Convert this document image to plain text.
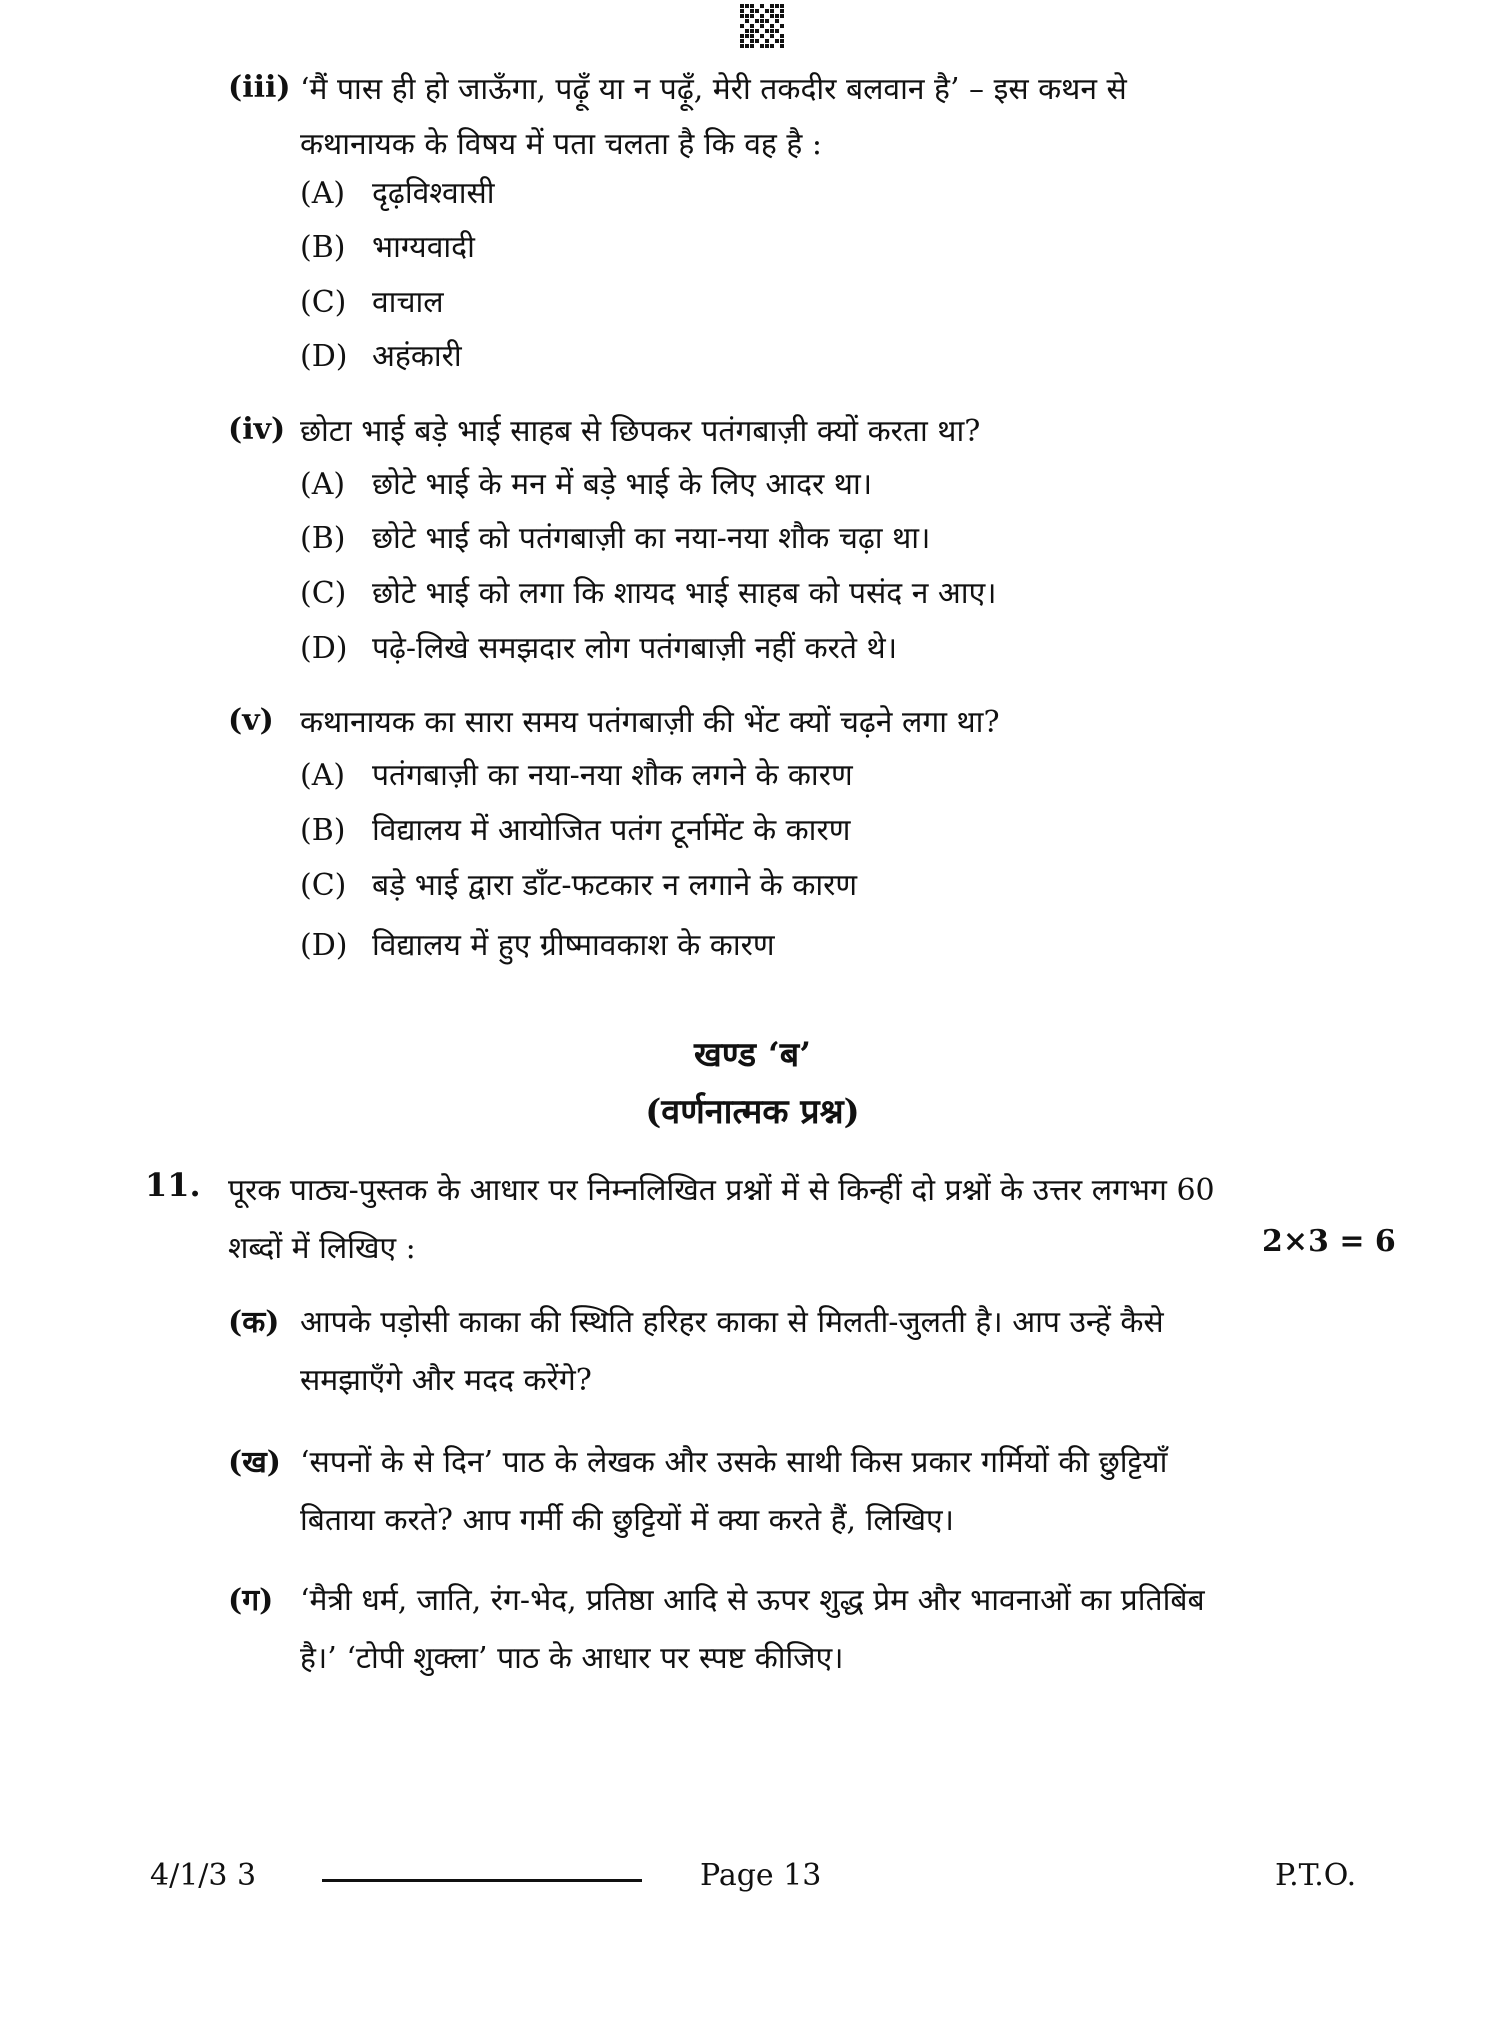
(iii) ‘मैं पास ही हो जाऊँगा, पढ़ूँ या न पढ़ूँ, मेरी तकदीर बलवान है’ – इस कथन से कथानायक के विषय में पता चलता है कि वह है :
(A) दृढ़विश्वासी
(B) भाग्यवादी
(C) वाचाल
(D) अहंकारी
(iv) छोटा भाई बड़े भाई साहब से छिपकर पतंगबाज़ी क्यों करता था?
(A) छोटे भाई के मन में बड़े भाई के लिए आदर था।
(B) छोटे भाई को पतंगबाज़ी का नया-नया शौक चढ़ा था।
(C) छोटे भाई को लगा कि शायद भाई साहब को पसंद न आए।
(D) पढ़े-लिखे समझदार लोग पतंगबाज़ी नहीं करते थे।
(v) कथानायक का सारा समय पतंगबाज़ी की भेंट क्यों चढ़ने लगा था?
(A) पतंगबाज़ी का नया-नया शौक लगने के कारण
(B) विद्यालय में आयोजित पतंग टूर्नामेंट के कारण
(C) बड़े भाई द्वारा डाँट-फटकार न लगाने के कारण
(D) विद्यालय में हुए ग्रीष्मावकाश के कारण
खण्ड ‘ब’
(वर्णनात्मक प्रश्न)
11. पूरक पाठ्य-पुस्तक के आधार पर निम्नलिखित प्रश्नों में से किन्हीं दो प्रश्नों के उत्तर लगभग 60 शब्दों में लिखिए :	2×3 = 6
(क) आपके पड़ोसी काका की स्थिति हरिहर काका से मिलती-जुलती है। आप उन्हें कैसे समझाएँगे और मदद करेंगे?
(ख) ‘सपनों के से दिन’ पाठ के लेखक और उसके साथी किस प्रकार गर्मियों की छुट्टियाँ बिताया करते? आप गर्मी की छुट्टियों में क्या करते हैं, लिखिए।
(ग) ‘मैत्री धर्म, जाति, रंग-भेद, प्रतिष्ठा आदि से ऊपर शुद्ध प्रेम और भावनाओं का प्रतिबिंब है।’ ‘टोपी शुक्ला’ पाठ के आधार पर स्पष्ट कीजिए।
4/1/3 3	Page 13	P.T.O.
